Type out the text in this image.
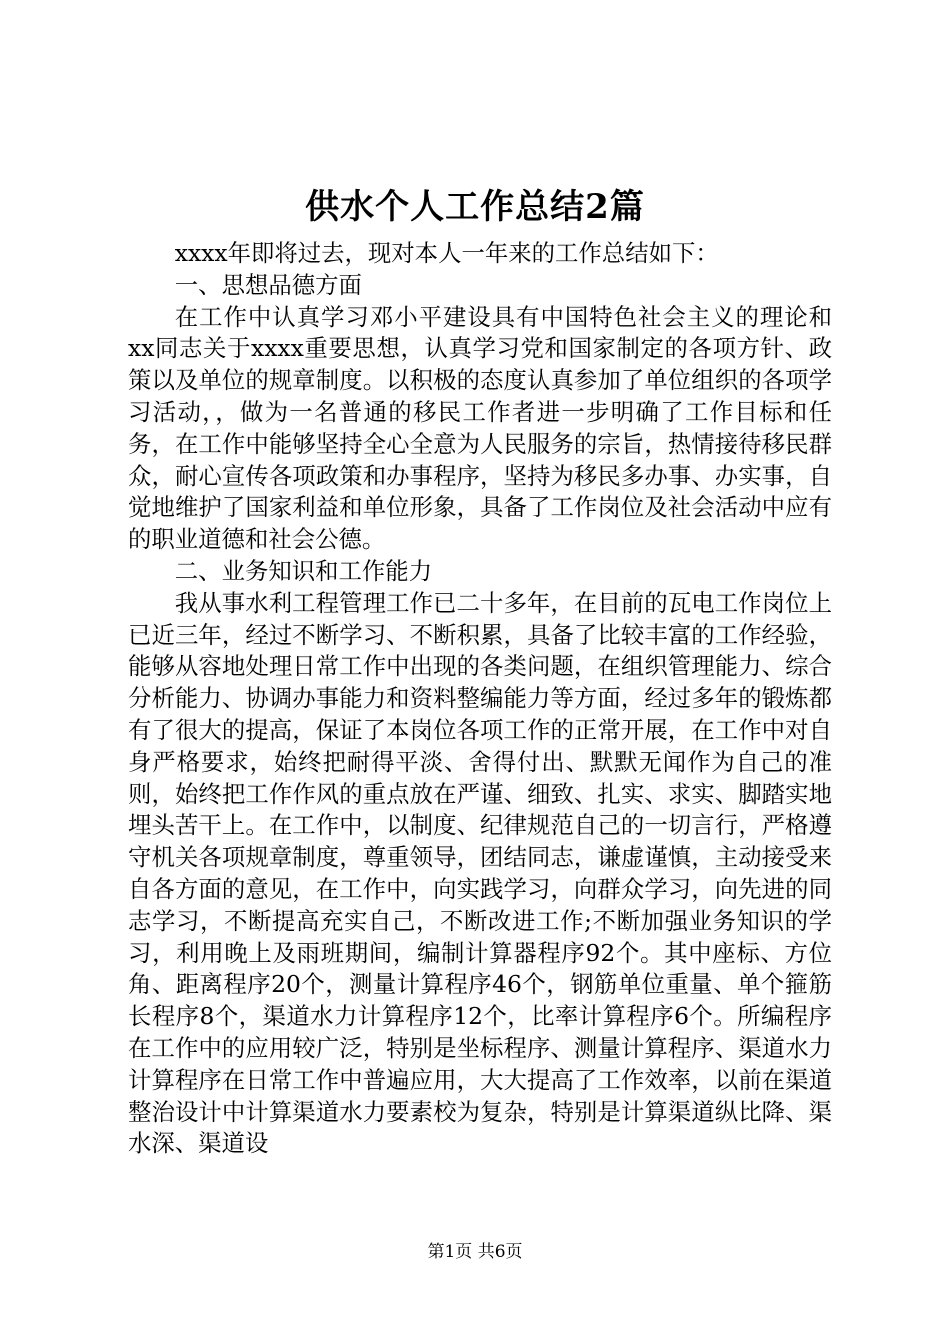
供水个人工作总结2篇

xxxx年即将过去，现对本人一年来的工作总结如下：

一、思想品德方面

在工作中认真学习邓小平建设具有中国特色社会主义的理论和xx同志关于xxxx重要思想，认真学习党和国家制定的各项方针、政策以及单位的规章制度。以积极的态度认真参加了单位组织的各项学习活动，，做为一名普通的移民工作者进一步明确了工作目标和任务，在工作中能够坚持全心全意为人民服务的宗旨，热情接待移民群众，耐心宣传各项政策和办事程序，坚持为移民多办事、办实事，自觉地维护了国家利益和单位形象，具备了工作岗位及社会活动中应有的职业道德和社会公德。

二、业务知识和工作能力

我从事水利工程管理工作已二十多年，在目前的瓦电工作岗位上已近三年，经过不断学习、不断积累，具备了比较丰富的工作经验，能够从容地处理日常工作中出现的各类问题，在组织管理能力、综合分析能力、协调办事能力和资料整编能力等方面，经过多年的锻炼都有了很大的提高，保证了本岗位各项工作的正常开展，在工作中对自身严格要求，始终把耐得平淡、舍得付出、默默无闻作为自己的准则，始终把工作作风的重点放在严谨、细致、扎实、求实、脚踏实地埋头苦干上。在工作中，以制度、纪律规范自己的一切言行，严格遵守机关各项规章制度，尊重领导，团结同志，谦虚谨慎，主动接受来自各方面的意见，在工作中，向实践学习，向群众学习，向先进的同志学习，不断提高充实自己，不断改进工作;不断加强业务知识的学习，利用晚上及雨班期间，编制计算器程序92个。其中座标、方位角、距离程序20个，测量计算程序46个，钢筋单位重量、单个箍筋长程序8个，渠道水力计算程序12个，比率计算程序6个。所编程序在工作中的应用较广泛，特别是坐标程序、测量计算程序、渠道水力计算程序在日常工作中普遍应用，大大提高了工作效率，以前在渠道整治设计中计算渠道水力要素校为复杂，特别是计算渠道纵比降、渠水深、渠道设

第1页 共6页
